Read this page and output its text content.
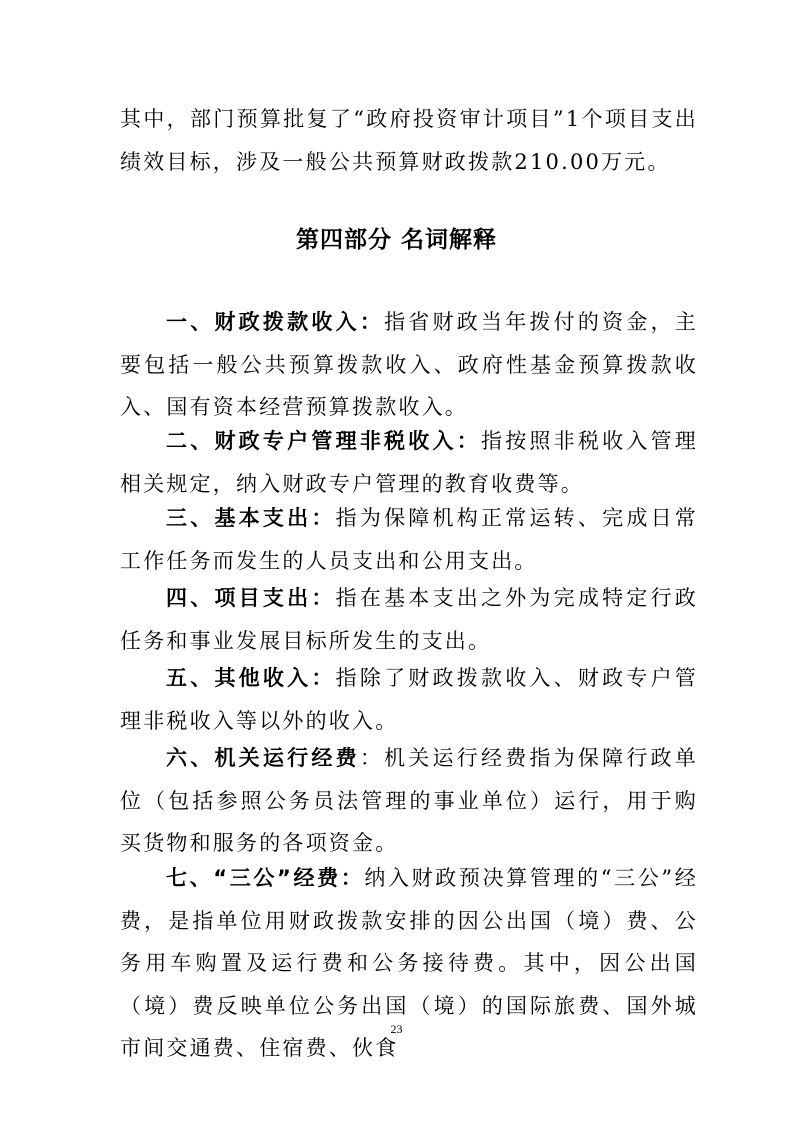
其中，部门预算批复了“政府投资审计项目”1个项目支出绩效目标，涉及一般公共预算财政拨款210.00万元。

第四部分 名词解释

一、财政拨款收入：指省财政当年拨付的资金，主要包括一般公共预算拨款收入、政府性基金预算拨款收入、国有资本经营预算拨款收入。

二、财政专户管理非税收入：指按照非税收入管理相关规定，纳入财政专户管理的教育收费等。

三、基本支出：指为保障机构正常运转、完成日常工作任务而发生的人员支出和公用支出。

四、项目支出：指在基本支出之外为完成特定行政任务和事业发展目标所发生的支出。

五、其他收入：指除了财政拨款收入、财政专户管理非税收入等以外的收入。

六、机关运行经费：机关运行经费指为保障行政单位（包括参照公务员法管理的事业单位）运行，用于购买货物和服务的各项资金。

七、“三公”经费：纳入财政预决算管理的“三公”经费，是指单位用财政拨款安排的因公出国（境）费、公务用车购置及运行费和公务接待费。其中，因公出国（境）费反映单位公务出国（境）的国际旅费、国外城市间交通费、住宿费、伙食

23
